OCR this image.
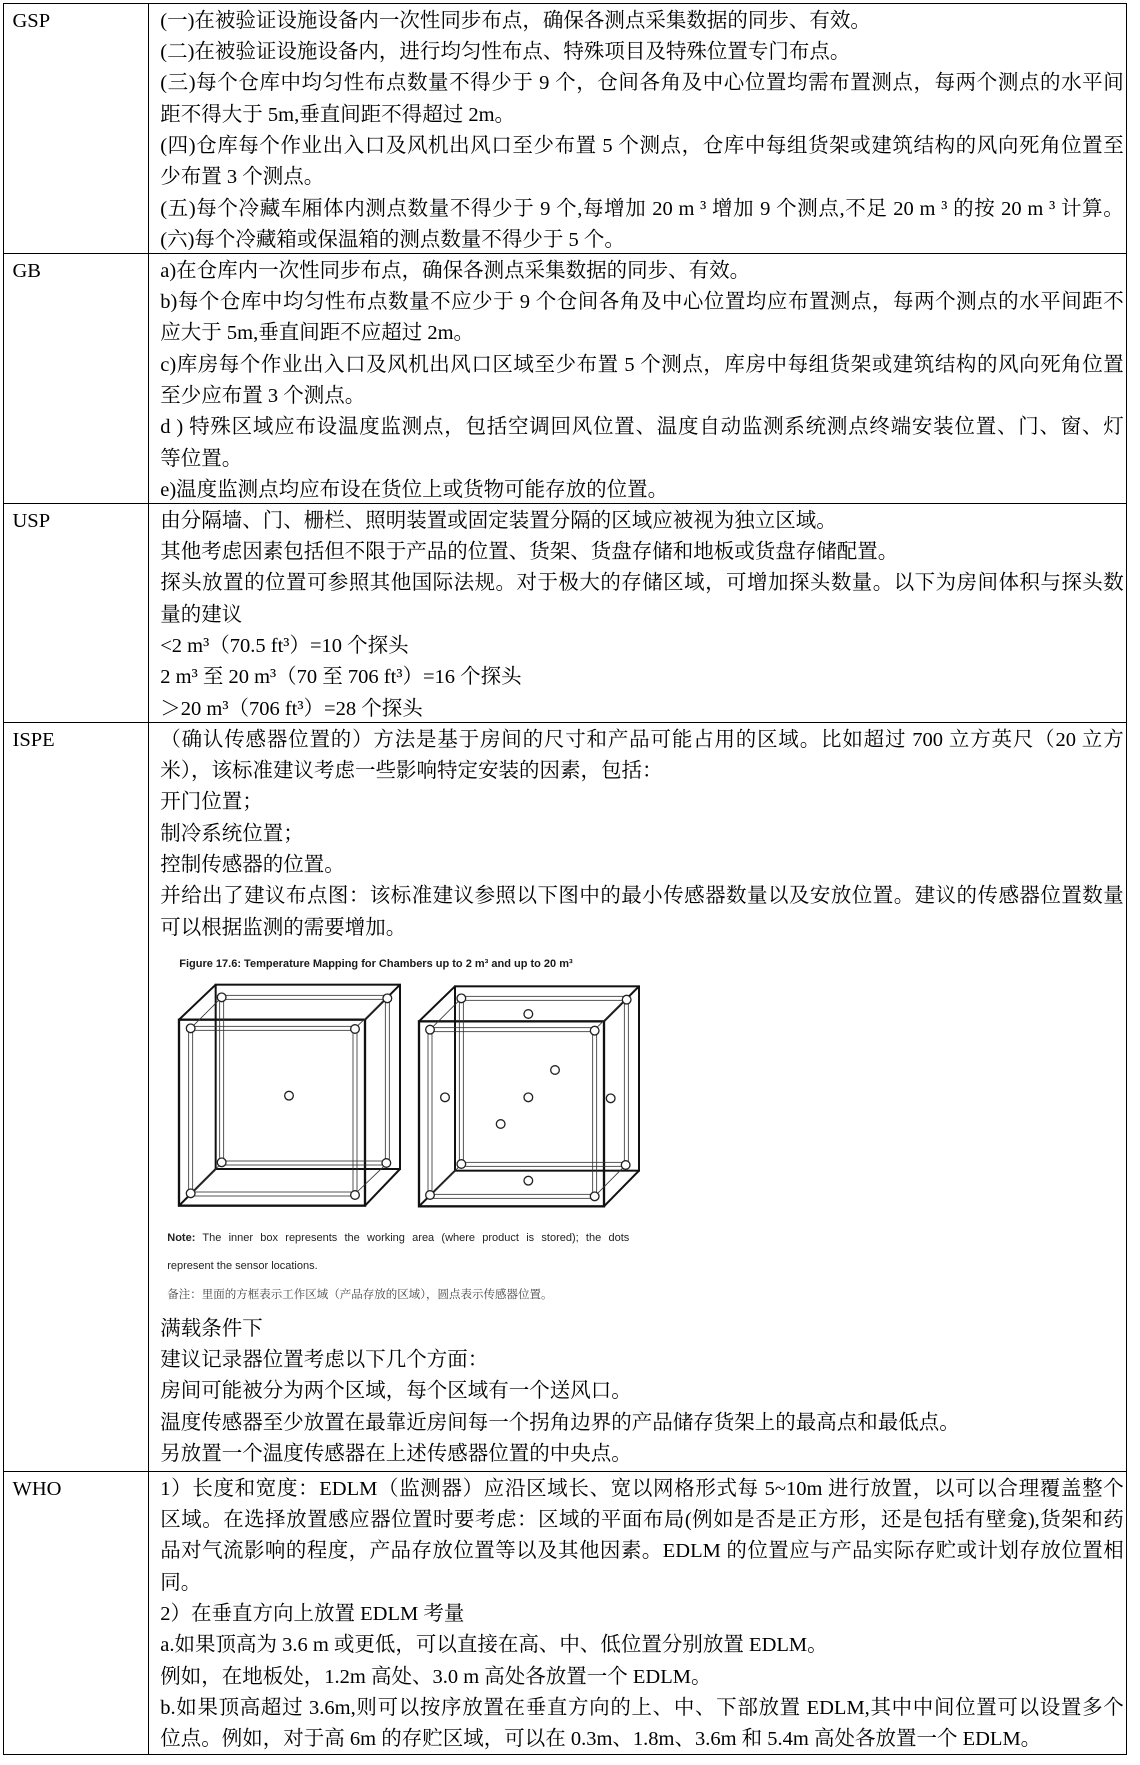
GSP	(一)在被验证设施设备内一次性同步布点，确保各测点采集数据的同步、有效。
(二)在被验证设施设备内，进行均匀性布点、特殊项目及特殊位置专门布点。
(三)每个仓库中均匀性布点数量不得少于 9 个，仓间各角及中心位置均需布置测点，每两个测点的水平间
距不得大于 5m,垂直间距不得超过 2m。
(四)仓库每个作业出入口及风机出风口至少布置 5 个测点，仓库中每组货架或建筑结构的风向死角位置至
少布置 3 个测点。
(五)每个冷藏车厢体内测点数量不得少于 9 个,每增加 20 m ³ 增加 9 个测点,不足 20 m ³ 的按 20 m ³ 计算。
(六)每个冷藏箱或保温箱的测点数量不得少于 5 个。
GB	a)在仓库内一次性同步布点，确保各测点采集数据的同步、有效。
b)每个仓库中均匀性布点数量不应少于 9 个仓间各角及中心位置均应布置测点，每两个测点的水平间距不
应大于 5m,垂直间距不应超过 2m。
c)库房每个作业出入口及风机出风口区域至少布置 5 个测点，库房中每组货架或建筑结构的风向死角位置
至少应布置 3 个测点。
d ) 特殊区域应布设温度监测点，包括空调回风位置、温度自动监测系统测点终端安装位置、门、窗、灯
等位置。
e)温度监测点均应布设在货位上或货物可能存放的位置。
USP	由分隔墙、门、栅栏、照明装置或固定装置分隔的区域应被视为独立区域。
其他考虑因素包括但不限于产品的位置、货架、货盘存储和地板或货盘存储配置。
探头放置的位置可参照其他国际法规。对于极大的存储区域，可增加探头数量。以下为房间体积与探头数
量的建议
<2 m³（70.5 ft³）=10 个探头
2 m³ 至 20 m³（70 至 706 ft³）=16 个探头
＞20 m³（706 ft³）=28 个探头
ISPE	（确认传感器位置的）方法是基于房间的尺寸和产品可能占用的区域。比如超过 700 立方英尺（20 立方
米），该标准建议考虑一些影响特定安装的因素，包括：
开门位置；
制冷系统位置；
控制传感器的位置。
并给出了建议布点图：该标准建议参照以下图中的最小传感器数量以及安放位置。建议的传感器位置数量
可以根据监测的需要增加。
Figure 17.6: Temperature Mapping for Chambers up to 2 m³ and up to 20 m³
Note: The inner box represents the working area (where product is stored); the dots
represent the sensor locations.
备注：里面的方框表示工作区域（产品存放的区域），圆点表示传感器位置。
满载条件下
建议记录器位置考虑以下几个方面：
房间可能被分为两个区域，每个区域有一个送风口。
温度传感器至少放置在最靠近房间每一个拐角边界的产品储存货架上的最高点和最低点。
另放置一个温度传感器在上述传感器位置的中央点。
WHO	1）长度和宽度：EDLM（监测器）应沿区域长、宽以网格形式每 5~10m 进行放置，以可以合理覆盖整个
区域。在选择放置感应器位置时要考虑：区域的平面布局(例如是否是正方形，还是包括有壁龛),货架和药
品对气流影响的程度，产品存放位置等以及其他因素。EDLM 的位置应与产品实际存贮或计划存放位置相
同。
2）在垂直方向上放置 EDLM 考量
a.如果顶高为 3.6 m 或更低，可以直接在高、中、低位置分别放置 EDLM。
例如，在地板处，1.2m 高处、3.0 m 高处各放置一个 EDLM。
b.如果顶高超过 3.6m,则可以按序放置在垂直方向的上、中、下部放置 EDLM,其中中间位置可以设置多个
位点。例如，对于高 6m 的存贮区域，可以在 0.3m、1.8m、3.6m 和 5.4m 高处各放置一个 EDLM。
